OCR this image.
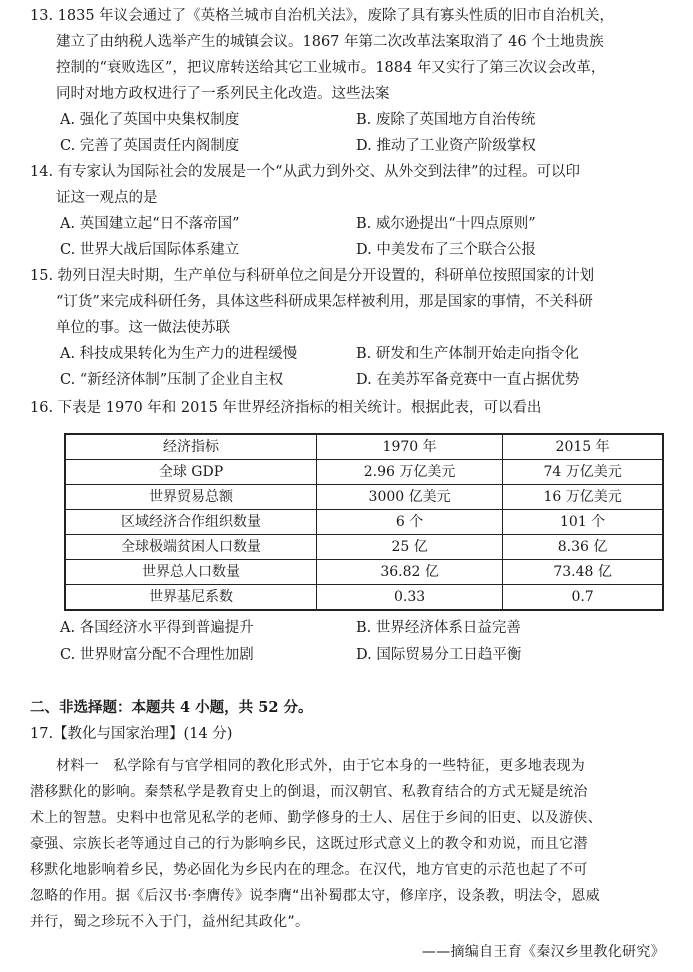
13. 1835 年议会通过了《英格兰城市自治机关法》，废除了具有寡头性质的旧市自治机关，
建立了由纳税人选举产生的城镇会议。1867 年第二次改革法案取消了 46 个土地贵族
控制的“衰败选区”，把议席转送给其它工业城市。1884 年又实行了第三次议会改革，
同时对地方政权进行了一系列民主化改造。这些法案
A. 强化了英国中央集权制度	B. 废除了英国地方自治传统
C. 完善了英国责任内阁制度	D. 推动了工业资产阶级掌权
14. 有专家认为国际社会的发展是一个“从武力到外交、从外交到法律”的过程。可以印
证这一观点的是
A. 英国建立起“日不落帝国”	B. 威尔逊提出“十四点原则”
C. 世界大战后国际体系建立	D. 中美发布了三个联合公报
15. 勃列日涅夫时期，生产单位与科研单位之间是分开设置的，科研单位按照国家的计划
“订货”来完成科研任务，具体这些科研成果怎样被利用，那是国家的事情，不关科研
单位的事。这一做法使苏联
A. 科技成果转化为生产力的进程缓慢	B. 研发和生产体制开始走向指令化
C. “新经济体制”压制了企业自主权	D. 在美苏军备竞赛中一直占据优势
16. 下表是 1970 年和 2015 年世界经济指标的相关统计。根据此表，可以看出
经济指标	1970 年	2015 年
全球 GDP	2.96 万亿美元	74 万亿美元
世界贸易总额	3000 亿美元	16 万亿美元
区域经济合作组织数量	6 个	101 个
全球极端贫困人口数量	25 亿	8.36 亿
世界总人口数量	36.82 亿	73.48 亿
世界基尼系数	0.33	0.7
A. 各国经济水平得到普遍提升	B. 世界经济体系日益完善
C. 世界财富分配不合理性加剧	D. 国际贸易分工日趋平衡
二、非选择题：本题共 4 小题，共 52 分。
17.【教化与国家治理】(14 分)
材料一　私学除有与官学相同的教化形式外，由于它本身的一些特征，更多地表现为
潜移默化的影响。秦禁私学是教育史上的倒退，而汉朝官、私教育结合的方式无疑是统治
术上的智慧。史料中也常见私学的老师、勤学修身的士人、居住于乡间的旧吏、以及游侠、
豪强、宗族长老等通过自己的行为影响乡民，这既过形式意义上的教令和劝说，而且它潜
移默化地影响着乡民，势必固化为乡民内在的理念。在汉代，地方官吏的示范也起了不可
忽略的作用。据《后汉书·李膺传》说李膺“出补蜀郡太守，修庠序，设条教，明法令，恩威
并行，蜀之珍玩不入于门，益州纪其政化”。
——摘编自王育《秦汉乡里教化研究》
